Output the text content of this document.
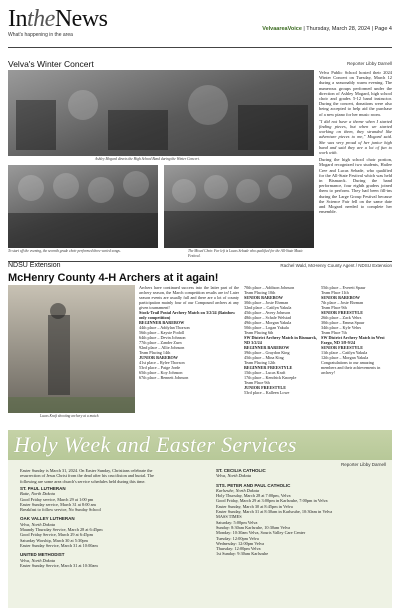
IntheNews
What's happening in the area
VelvaareaVoice | Thursday, March 28, 2024 | Page 4
Velva's Winter Concert	Reporter Libby Darnell
Ashley Mogard directs the High School Band during the Winter Concert.
To start off the evening, the seventh grade choir performed three varied songs.	The Mixed Choir. Far left is Lucas Sebade who qualified for the All-State Music Festival.

Velva Public School hosted their 2024 Winter Concert on Tuesday, March 12 during a seasonably warm evening. The numerous groups performed under the direction of Ashley Mogard, high school choir and grades 5-12 band instructor. During the concert, donations were also being accepted to help aid the purchase of a new piano for her music room.

"I did not have a theme when I started finding pieces, but when we started working on them, they stranded like adventure pieces to me," Mogard said. She was very proud of her junior high band and said they are a lot of fun to work with.

During the high school choir portion, Mogard recognized two students, Hailee Cree and Lucas Sebade, who qualified for the All-State Festival which was held in Bismarck. During the band performance, four eighth graders joined them to perform. They had been fill-ins during the Large Group Festival because the Science Fair fell on the same date and Mogard needed to complete her ensemble.

NDSU Extension	Rachel Wald, McHenry County Agent / NDSU Extension
McHenry County 4-H Archers at it again!
Lucas Kraft shooting archery at a match.
Archers have continued success into the latter part of the archery season, the March competition results are in! Later season events are usually full and there are a lot of county participation mainly four of our Compound archers at any given tournament!
Stock-Trail Postal Archery Match on 3/2/24 (Rainbow only competition)
BEGINNER BAREBOW
44th place – Addylan Thorson
56th place – Kaysie Podoll
64th place – Devin Johnson
77th place – Zander Zurn
92nd place – Allie Johnson
Team Placing 14th
JUNIOR BAREBOW
41st place – Rylee Thorson
53rd place – Paige Jorde
65th place – Koy Johnson
67th place – Bennett Johnson
70th place – Addison Johnson
Team Placing 10th
SENIOR BAREBOW
30th place – Josie Ehrman
32nd place – Caitlyn Yakula
45th place – Avery Johnson
48th place – Schale Welstad
49th place – Morgan Yakula
50th place – Logan Yakula
Team Placing 6th
SW District Archery Match in Bismarck, ND 3/2/24
BEGINNER BAREBOW
39th place – Graydon King
45th place – Mina King
Team Placing 12th
BEGINNER FREESTYLE
15th place – Lucas Kraft
17th place – Kendrick Knoeple
Team Place 9th
JUNIOR FREESTYLE
53rd place – Kalleen Lowe
55th place – Everett Spaur
Team Place 11th
SENIOR BAREBOW
7th place – Josie Ehrman
Team Place 9th
SENIOR FREESTYLE
26th place – Zack Vehrs
30th place – Emma Spaur
34th place – Kyle Vehrs
Team Place 7th
SW District Archery Match in West Fargo, ND 3/8-9/24
SENIOR FREESTYLE
11th place – Caitlyn Yakula
12th place – Morgan Yakula
Congratulations to our amazing
members and their achievements in
archery!
Holy Week and Easter Services
Reporter Libby Darnell
Easter Sunday is March 31, 2024. On Easter Sunday, Christians celebrate the
resurrection of Jesus Christ from the dead after his crucifixion and burial. The
following are some area church's service schedules held during this time.
ST. PAUL LUTHERAN
Butte, North Dakota
Good Friday service, March 29 at 1:00 pm
Easter Sunday service, March 31 at 8:00 am
Breakfast to follow service, No Sunday School
OAK VALLEY LUTHERAN
Velva, North Dakota
Maundy Thursday Service, March 28 at 6:45pm
Good Friday Service, March 29 at 6:45pm
Saturday Worship, March 30 at 5:30pm
Easter Sunday Service, March 31 at 10:00am
UNITED METHODIST
Velva, North Dakota
Easter Sunday Service, March 31 at 10:30am
ST. CECILIA CATHOLIC
Velva, North Dakota
STS. PETER AND PAUL CATHOLIC
Karlsruhe, North Dakota
Holy Thursday, March 28 at 7:00pm, Velva
Good Friday, March 29 at 3:00pm in Karlsruhe, 7:00pm in Velva
Easter Sunday, March 30 at 8:45pm in Velva
Easter Sunday, March 31 at 8:30am in Karlsruhe, 10:30am in Velva
MASS TIMES
Saturday: 5:00pm Velva
Sunday: 8:30am Karlsruhe, 10:30am Velva
Monday: 10:30am Velva, Souris Valley Care Center
Tuesday: 12:00pm Velva
Wednesday: 12:00pm Velva
Thursday: 12:00pm Velva
1st Sunday: 9:30am Karlsruhe
